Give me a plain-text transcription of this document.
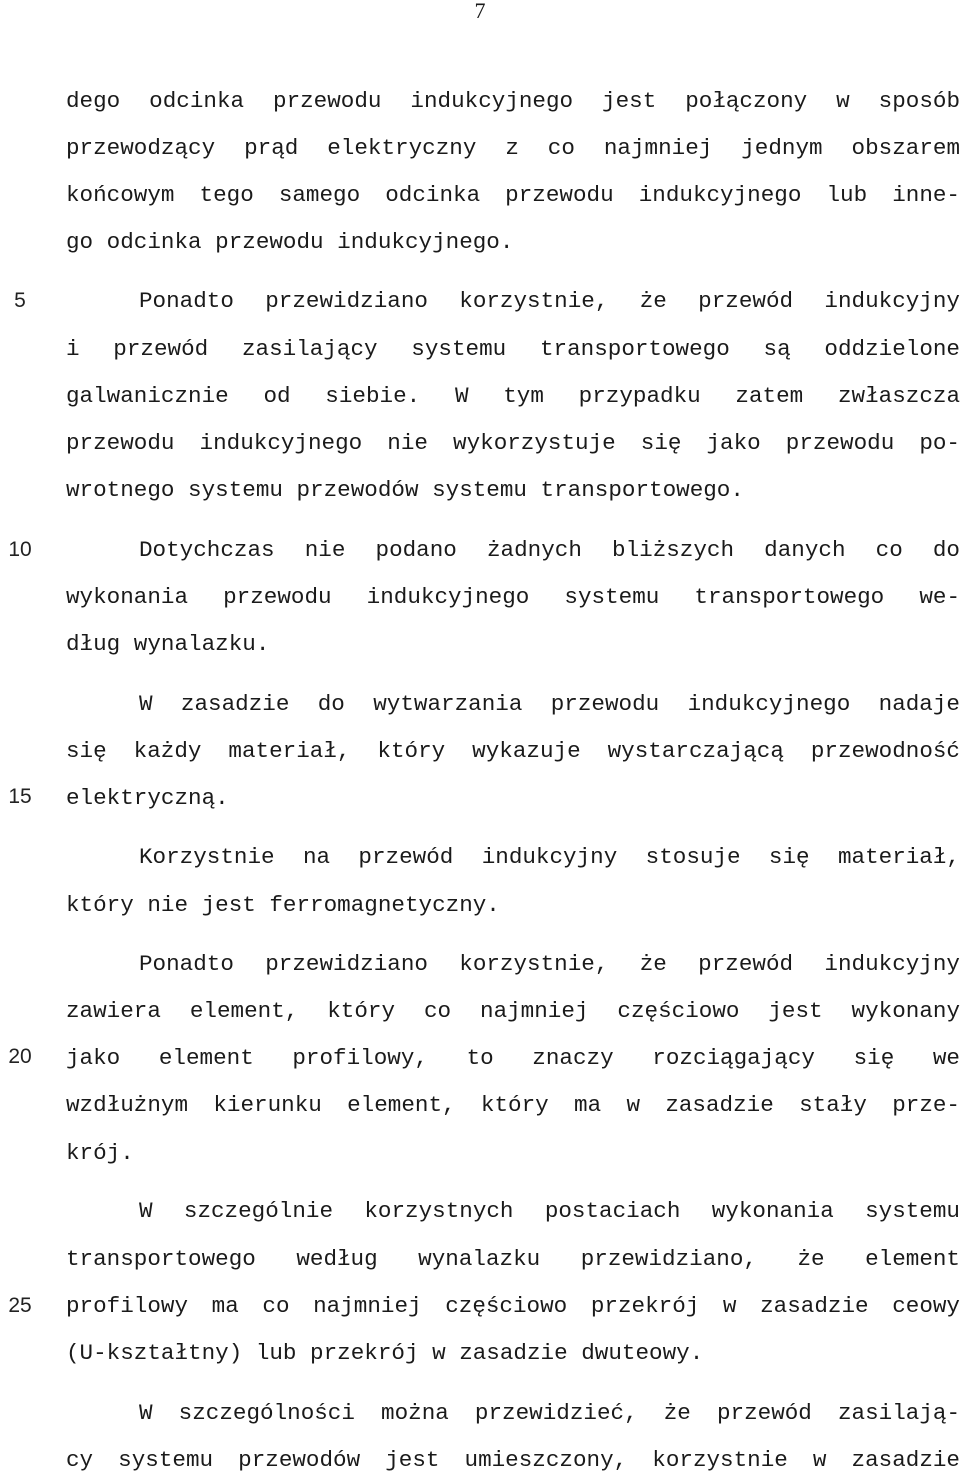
7
5
10
15
20
25
dego odcinka przewodu indukcyjnego jest połączony w sposób
przewodzący prąd elektryczny z co najmniej jednym obszarem
końcowym tego samego odcinka przewodu indukcyjnego lub inne-
go odcinka przewodu indukcyjnego.
Ponadto przewidziano korzystnie, że przewód indukcyjny
i przewód zasilający systemu transportowego są oddzielone
galwanicznie od siebie. W tym przypadku zatem zwłaszcza
przewodu indukcyjnego nie wykorzystuje się jako przewodu po-
wrotnego systemu przewodów systemu transportowego.
Dotychczas nie podano żadnych bliższych danych co do
wykonania przewodu indukcyjnego systemu transportowego we-
dług wynalazku.
W zasadzie do wytwarzania przewodu indukcyjnego nadaje
się każdy materiał, który wykazuje wystarczającą przewodność
elektryczną.
Korzystnie na przewód indukcyjny stosuje się materiał,
który nie jest ferromagnetyczny.
Ponadto przewidziano korzystnie, że przewód indukcyjny
zawiera element, który co najmniej częściowo jest wykonany
jako element profilowy, to znaczy rozciągający się we
wzdłużnym kierunku element, który ma w zasadzie stały prze-
krój.
W szczególnie korzystnych postaciach wykonania systemu
transportowego według wynalazku przewidziano, że element
profilowy ma co najmniej częściowo przekrój w zasadzie ceowy
(U-kształtny) lub przekrój w zasadzie dwuteowy.
W szczególności można przewidzieć, że przewód zasilają-
cy systemu przewodów jest umieszczony, korzystnie w zasadzie
